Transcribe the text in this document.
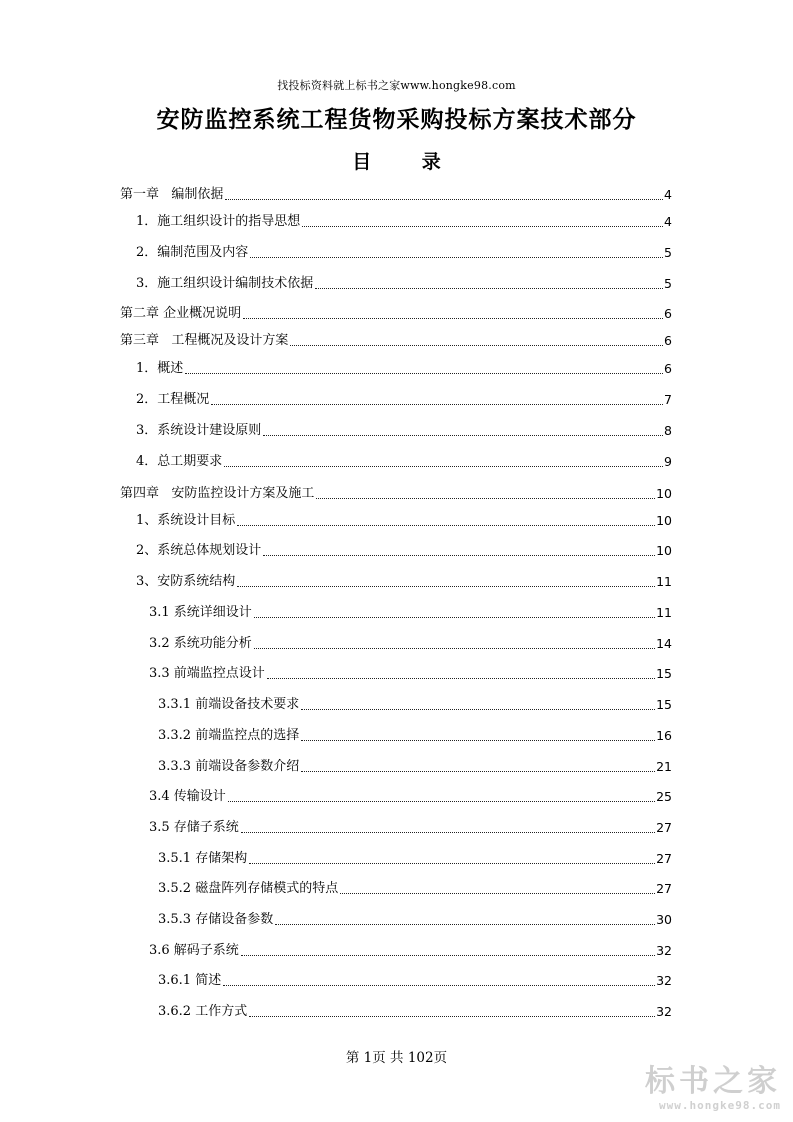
找投标资料就上标书之家www.hongke98.com
安防监控系统工程货物采购投标方案技术部分
目 录
第一章   编制依据	4
1．施工组织设计的指导思想	4
2．编制范围及内容	5
3．施工组织设计编制技术依据	5
第二章 企业概况说明	6
第三章   工程概况及设计方案	6
1．概述	6
2．工程概况	7
3．系统设计建设原则	8
4．总工期要求	9
第四章   安防监控设计方案及施工	10
1、系统设计目标	10
2、系统总体规划设计	10
3、安防系统结构	11
3.1 系统详细设计	11
3.2 系统功能分析	14
3.3 前端监控点设计	15
3.3.1 前端设备技术要求	15
3.3.2 前端监控点的选择	16
3.3.3 前端设备参数介绍	21
3.4 传输设计	25
3.5 存储子系统	27
3.5.1 存储架构	27
3.5.2 磁盘阵列存储模式的特点	27
3.5.3 存储设备参数	30
3.6 解码子系统	32
3.6.1 简述	32
3.6.2 工作方式	32
第 1页 共 102页
标书之家
www.hongke98.com
